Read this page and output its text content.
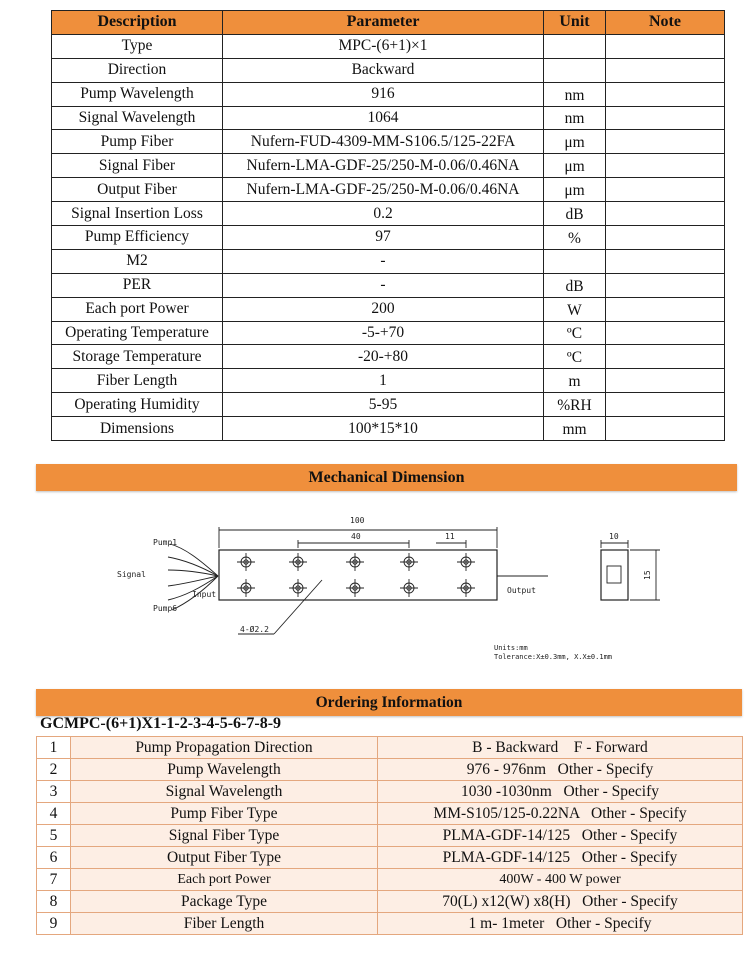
Description	Parameter	Unit	Note
Type	MPC-(6+1)×1		
Direction	Backward		
Pump Wavelength	916	nm	
Signal Wavelength	1064	nm	
Pump Fiber	Nufern-FUD-4309-MM-S106.5/125-22FA	μm	
Signal Fiber	Nufern-LMA-GDF-25/250-M-0.06/0.46NA	μm	
Output Fiber	Nufern-LMA-GDF-25/250-M-0.06/0.46NA	μm	
Signal Insertion Loss	0.2	dB	
Pump Efficiency	97	%	
M2	-		
PER	-	dB	
Each port Power	200	W	
Operating Temperature	-5-+70	ºC	
Storage Temperature	-20-+80	ºC	
Fiber Length	1	m	
Operating Humidity	5-95	%RH	
Dimensions	100*15*10	mm	
Mechanical Dimension
Pump1
Signal
Pump6
Input	Output
100
40	11	10
15
4-Ø2.2
Units:mm
Tolerance:X±0.3mm, X.X±0.1mm
Ordering Information
GCMPC-(6+1)X1-1-2-3-4-5-6-7-8-9
1	Pump Propagation Direction	B - Backward    F - Forward
2	Pump Wavelength	976 - 976nm   Other - Specify
3	Signal Wavelength	1030 -1030nm   Other - Specify
4	Pump Fiber Type	MM-S105/125-0.22NA   Other - Specify
5	Signal Fiber Type	PLMA-GDF-14/125   Other - Specify
6	Output Fiber Type	PLMA-GDF-14/125   Other - Specify
7	Each port Power	400W - 400 W power
8	Package Type	70(L) x12(W) x8(H)   Other - Specify
9	Fiber Length	1 m- 1meter   Other - Specify
